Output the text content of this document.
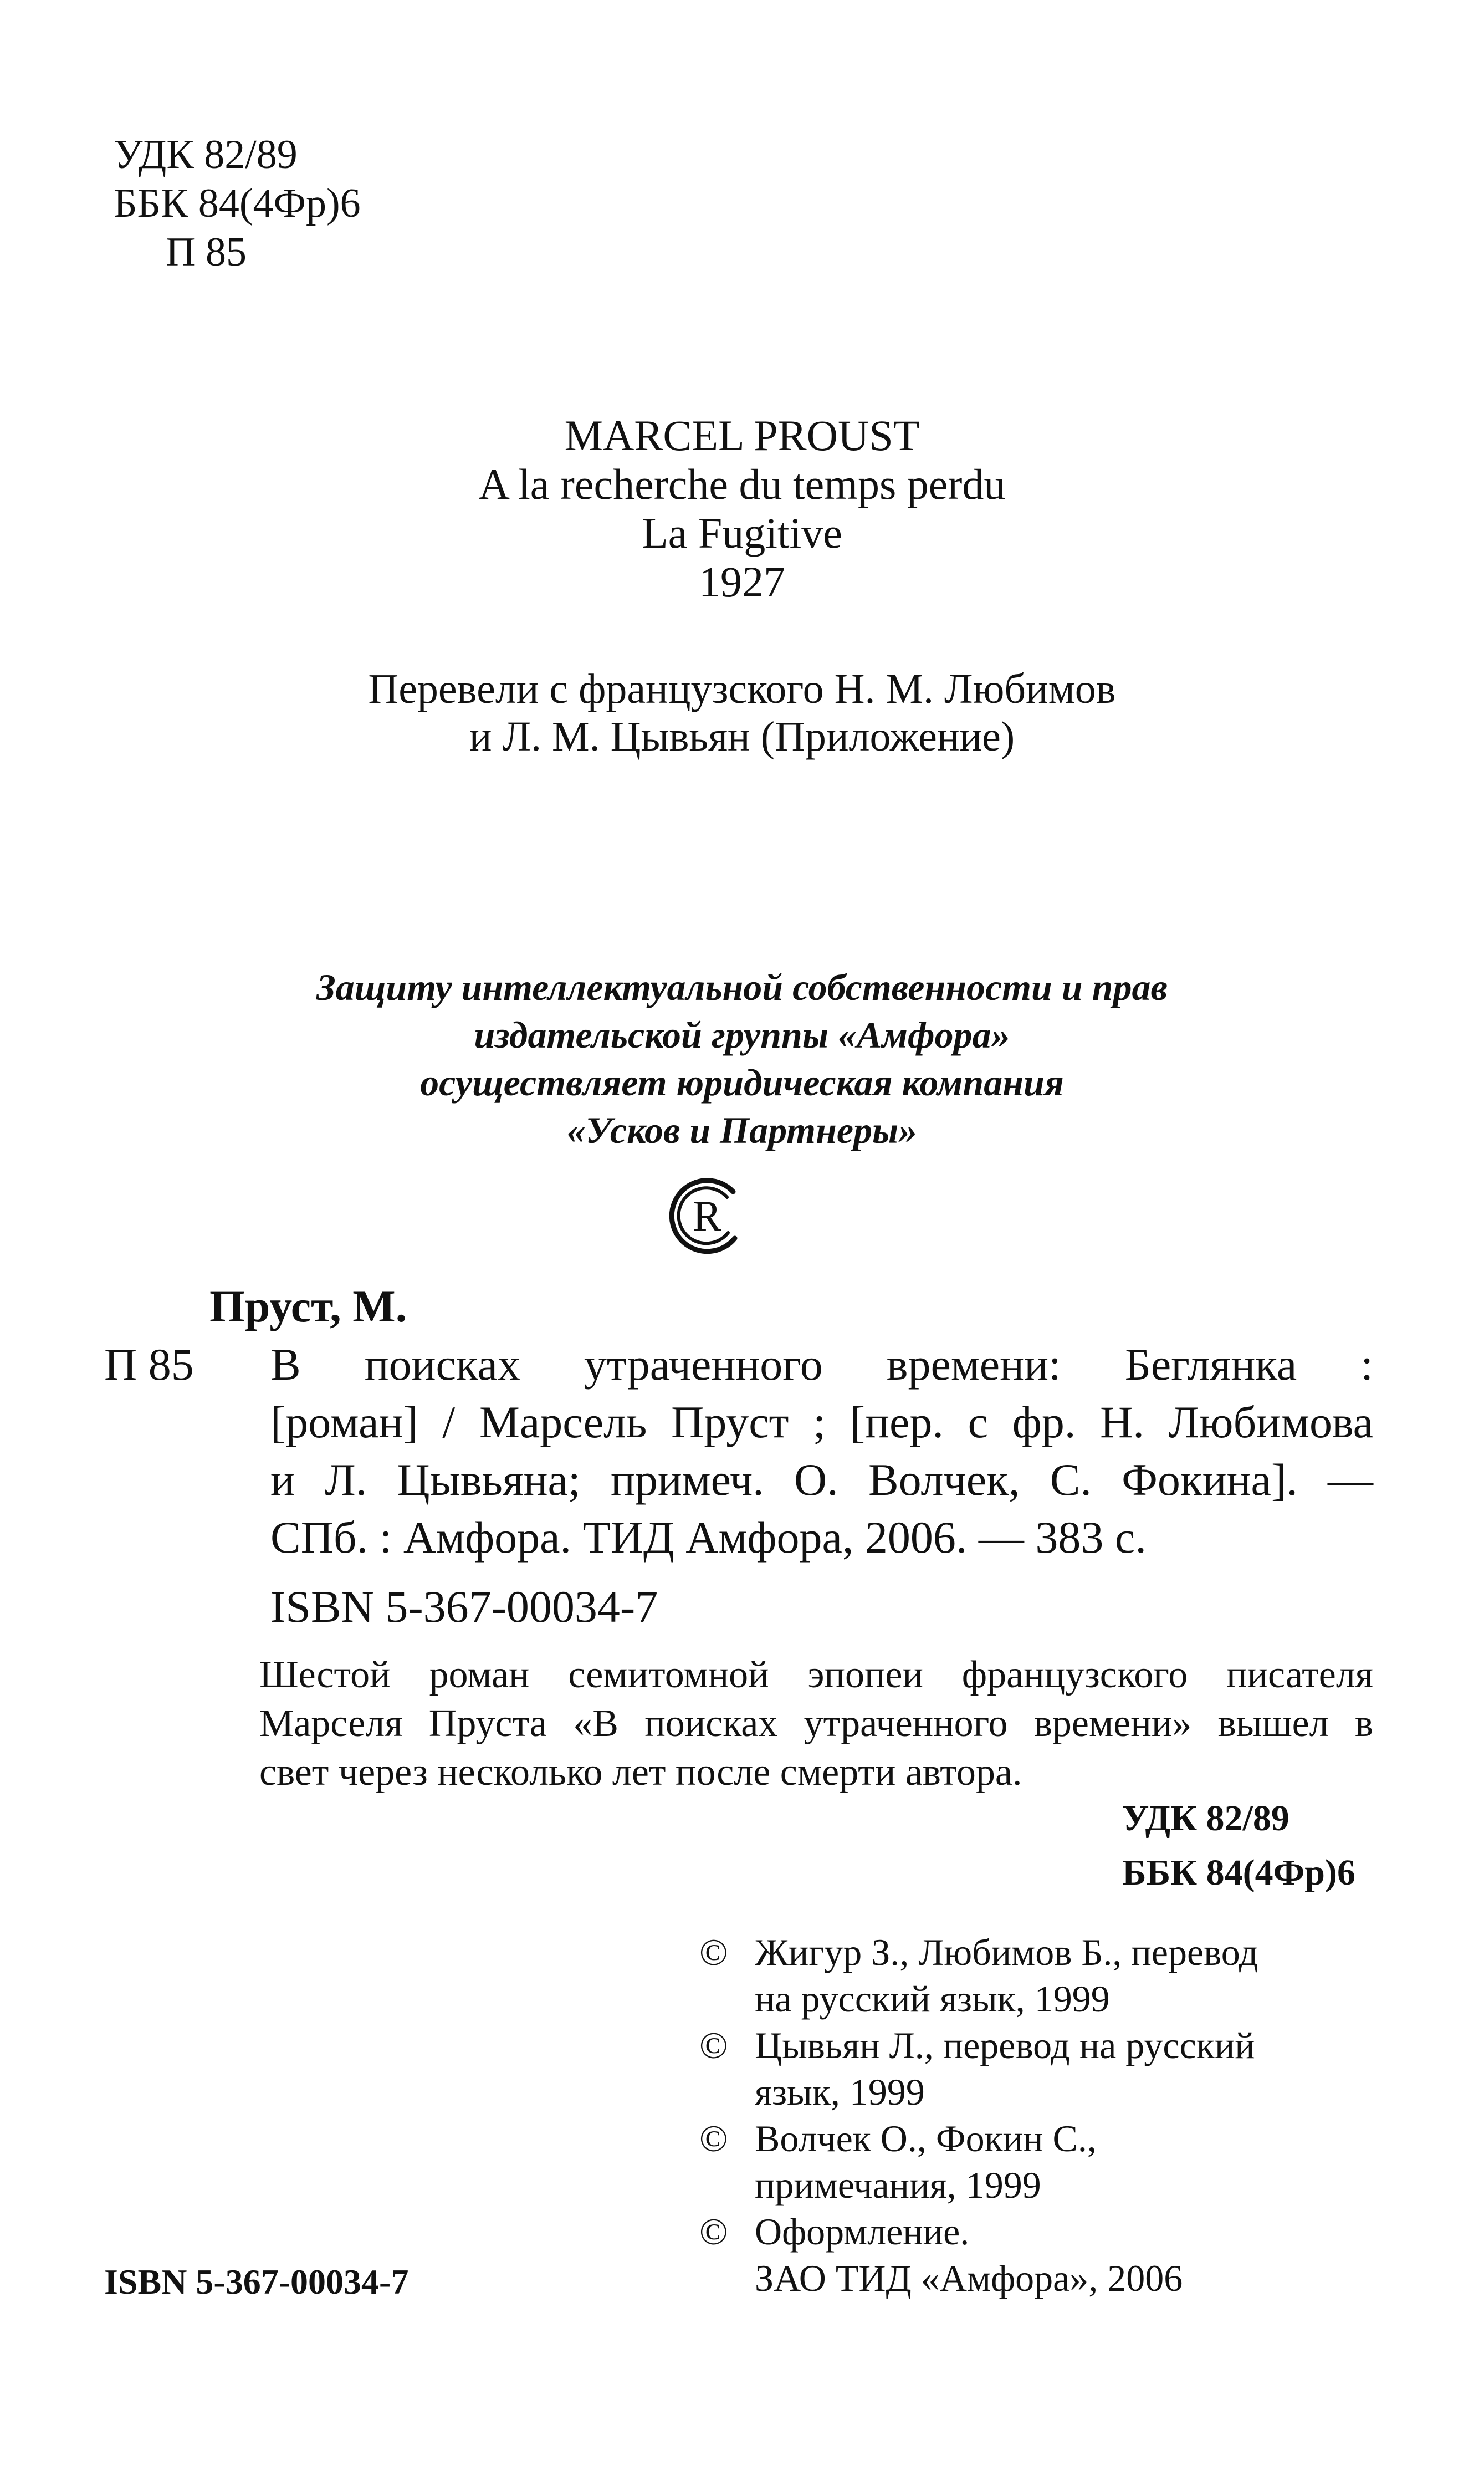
УДК 82/89
ББК 84(4Фр)6
П 85
MARCEL PROUST
A la recherche du temps perdu
La Fugitive
1927
Перевели с французского Н. М. Любимов
и Л. М. Цывьян (Приложение)
Защиту интеллектуальной собственности и прав
издательской группы «Амфора»
осуществляет юридическая компания
«Усков и Партнеры»
R
Пруст, М.
П 85 В поисках утраченного времени: Беглянка :
[роман] / Марсель Пруст ; [пер. с фр. Н. Любимова
и Л. Цывьяна; примеч. О. Волчек, С. Фокина]. —
СПб. : Амфора. ТИД Амфора, 2006. — 383 с.
ISBN 5-367-00034-7
Шестой роман семитомной эпопеи французского писателя
Марселя Пруста «В поисках утраченного времени» вышел в
свет через несколько лет после смерти автора.
УДК 82/89
ББК 84(4Фр)6
© Жигур З., Любимов Б., перевод
на русский язык, 1999
© Цывьян Л., перевод на русский
язык, 1999
© Волчек О., Фокин С.,
примечания, 1999
© Оформление.
ЗАО ТИД «Амфора», 2006
ISBN 5-367-00034-7
